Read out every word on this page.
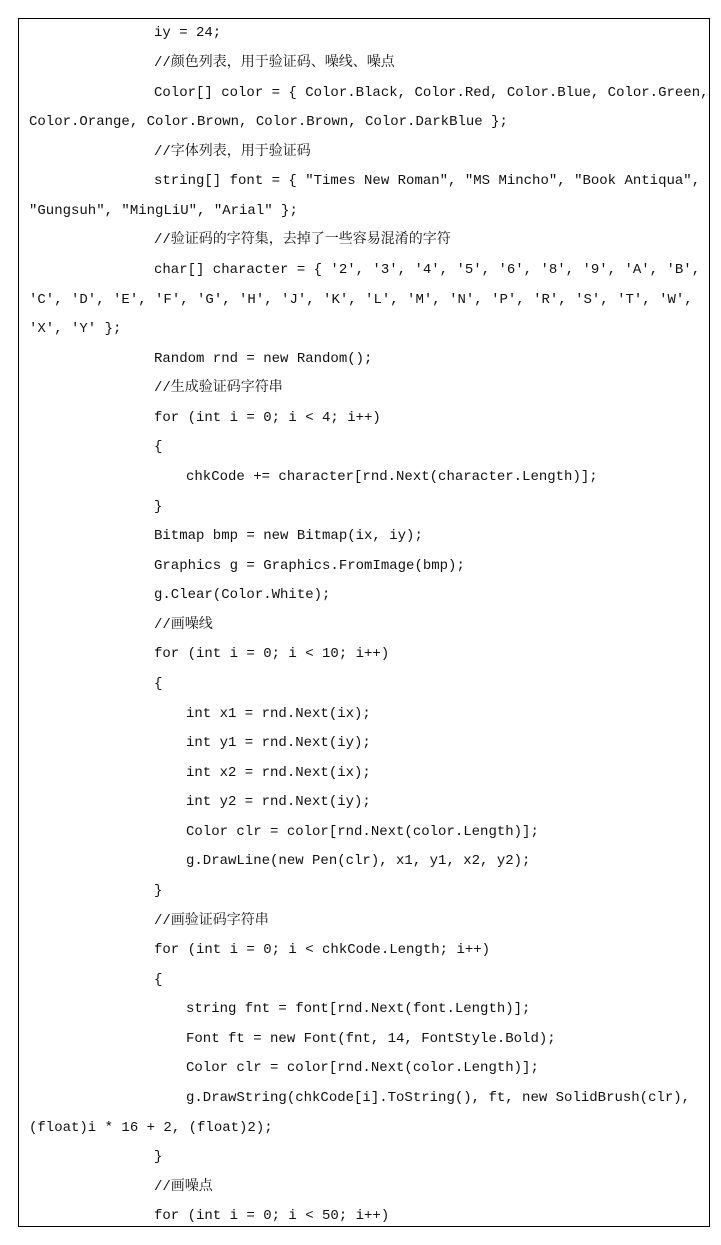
iy = 24;
//颜色列表，用于验证码、噪线、噪点
Color[] color = { Color.Black, Color.Red, Color.Blue, Color.Green,
Color.Orange, Color.Brown, Color.Brown, Color.DarkBlue };
//字体列表，用于验证码
string[] font = { "Times New Roman", "MS Mincho", "Book Antiqua",
"Gungsuh", "MingLiU", "Arial" };
//验证码的字符集，去掉了一些容易混淆的字符
char[] character = { '2', '3', '4', '5', '6', '8', '9', 'A', 'B',
'C', 'D', 'E', 'F', 'G', 'H', 'J', 'K', 'L', 'M', 'N', 'P', 'R', 'S', 'T', 'W',
'X', 'Y' };
Random rnd = new Random();
//生成验证码字符串
for (int i = 0; i < 4; i++)
{
chkCode += character[rnd.Next(character.Length)];
}
Bitmap bmp = new Bitmap(ix, iy);
Graphics g = Graphics.FromImage(bmp);
g.Clear(Color.White);
//画噪线
for (int i = 0; i < 10; i++)
{
int x1 = rnd.Next(ix);
int y1 = rnd.Next(iy);
int x2 = rnd.Next(ix);
int y2 = rnd.Next(iy);
Color clr = color[rnd.Next(color.Length)];
g.DrawLine(new Pen(clr), x1, y1, x2, y2);
}
//画验证码字符串
for (int i = 0; i < chkCode.Length; i++)
{
string fnt = font[rnd.Next(font.Length)];
Font ft = new Font(fnt, 14, FontStyle.Bold);
Color clr = color[rnd.Next(color.Length)];
g.DrawString(chkCode[i].ToString(), ft, new SolidBrush(clr),
(float)i * 16 + 2, (float)2);
}
//画噪点
for (int i = 0; i < 50; i++)
